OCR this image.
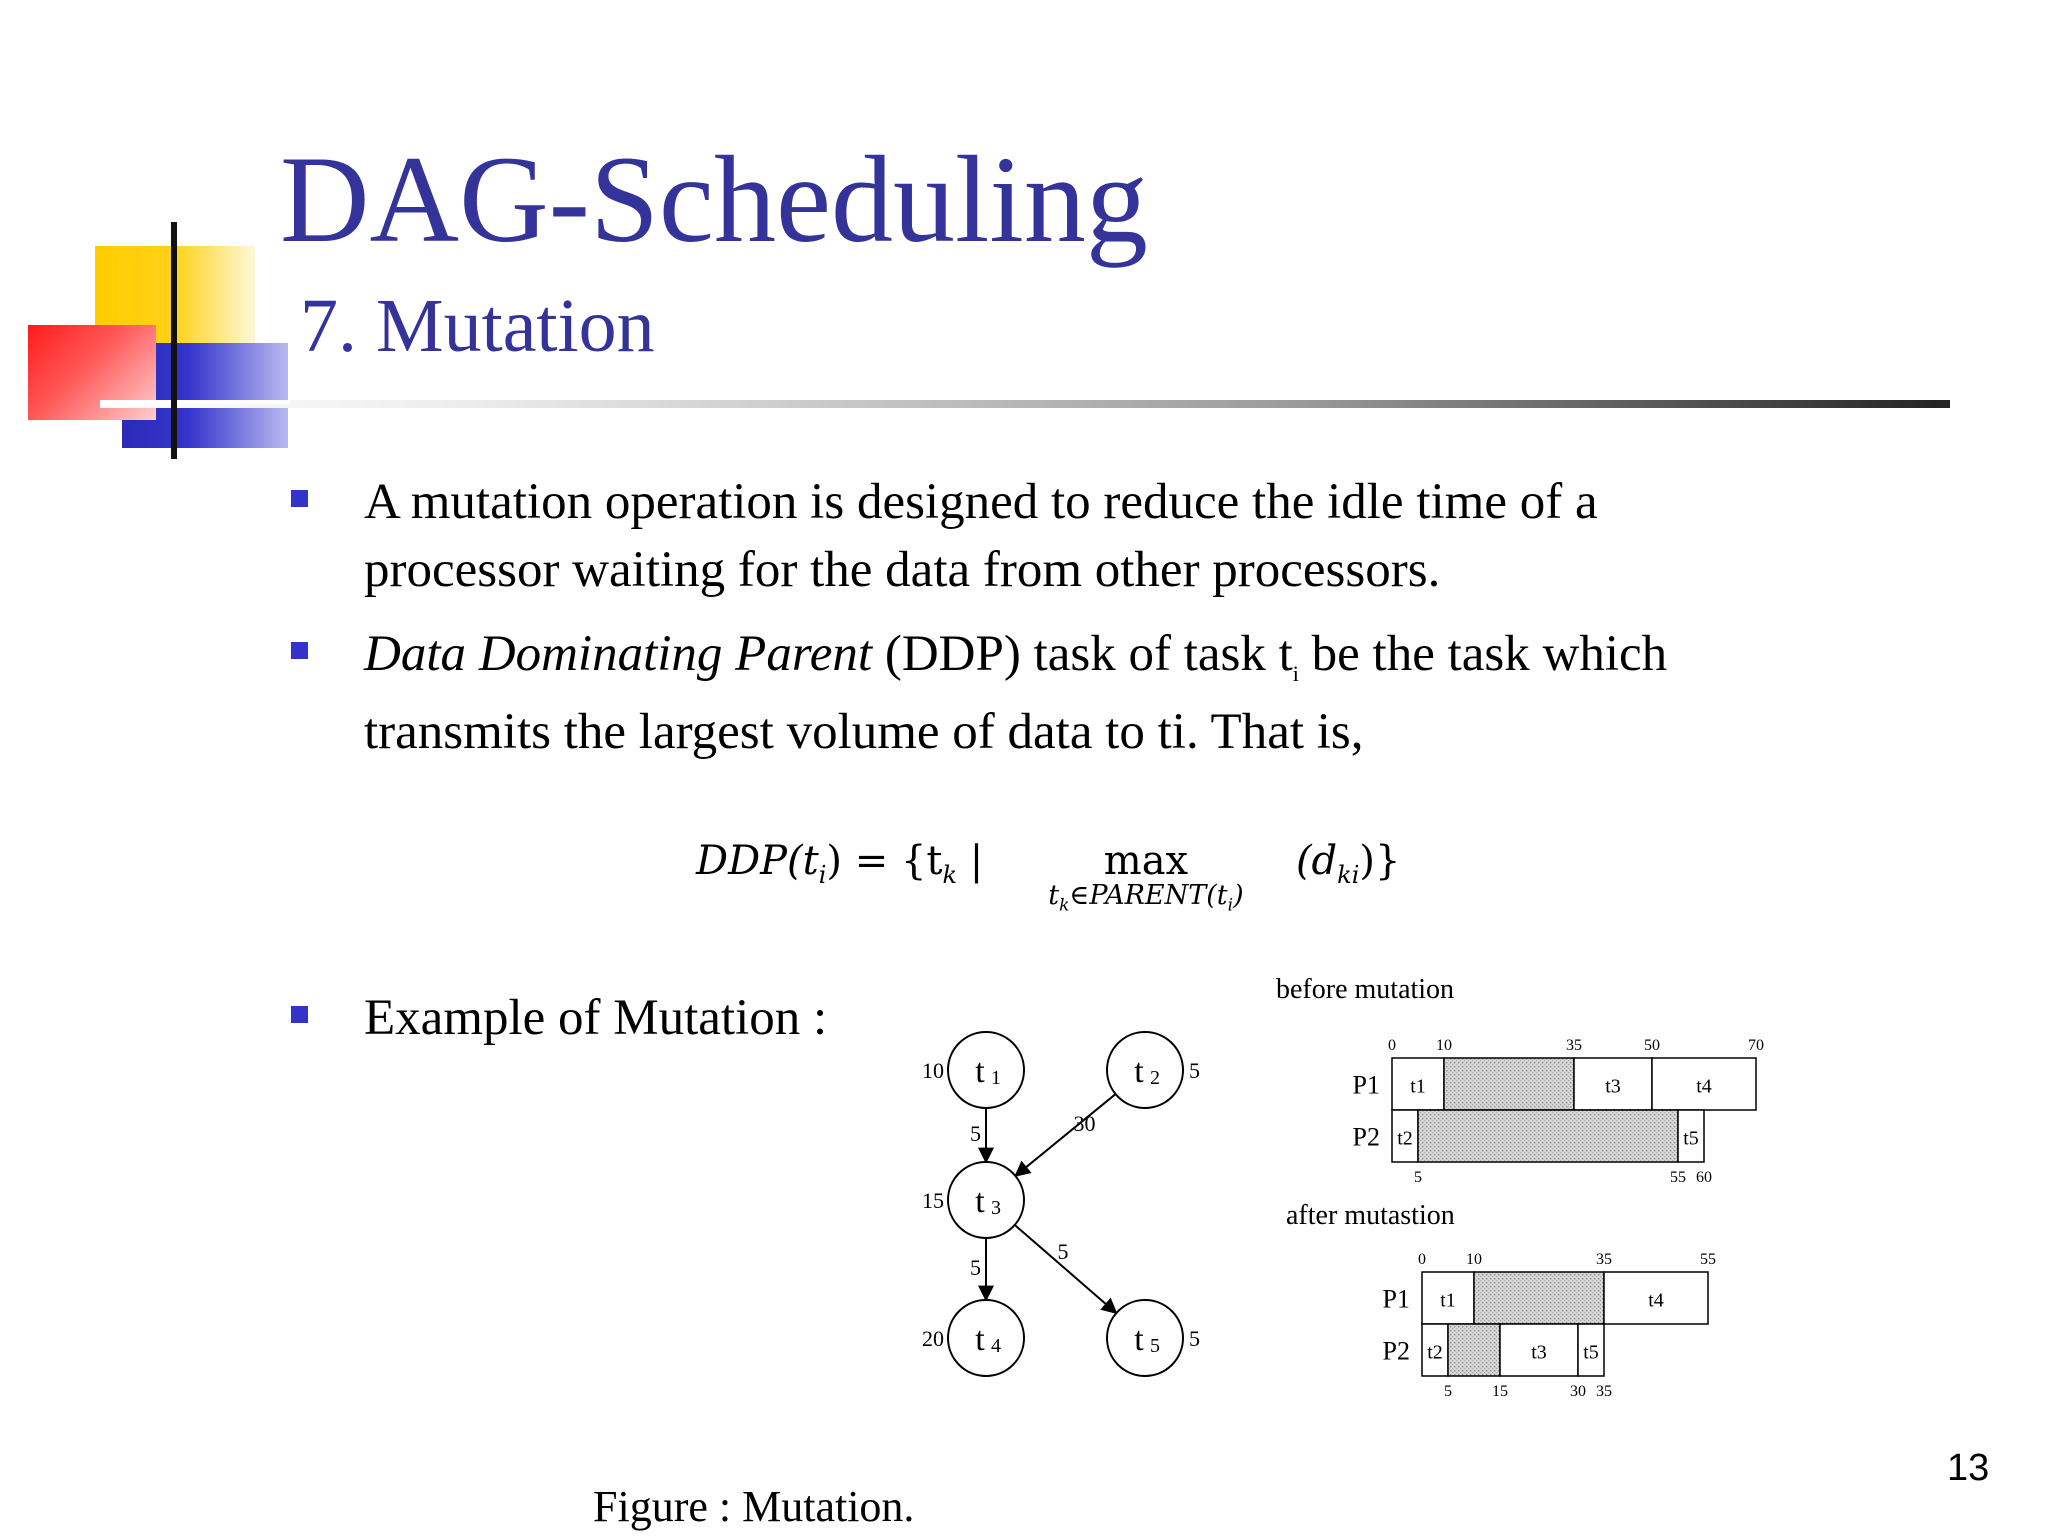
DAG-Scheduling
7. Mutation
A mutation operation is designed to reduce the idle time of a
processor waiting for the data from other processors.
Data Dominating Parent (DDP) task of task $t_i$ be the task which
transmits the largest volume of data to ti. That is,
$DDP(t_i) = \{t_k$ |	max
$t_k\in PARENT(t_i)$
$(d_{ki})$}
Example of Mutation :
5	30
5
5
t 1
10	t 2 5
t 3
15
t 4
20	t 5 5
before mutation
0	10	35	50	70
P1 t1	t3	t4
P2 t2	t5
5	55 60
after mutastion
0	10	35	55
P1 t1	t4
P2 t2	t3 t5
5	15	30 35
Figure : Mutation.
13
